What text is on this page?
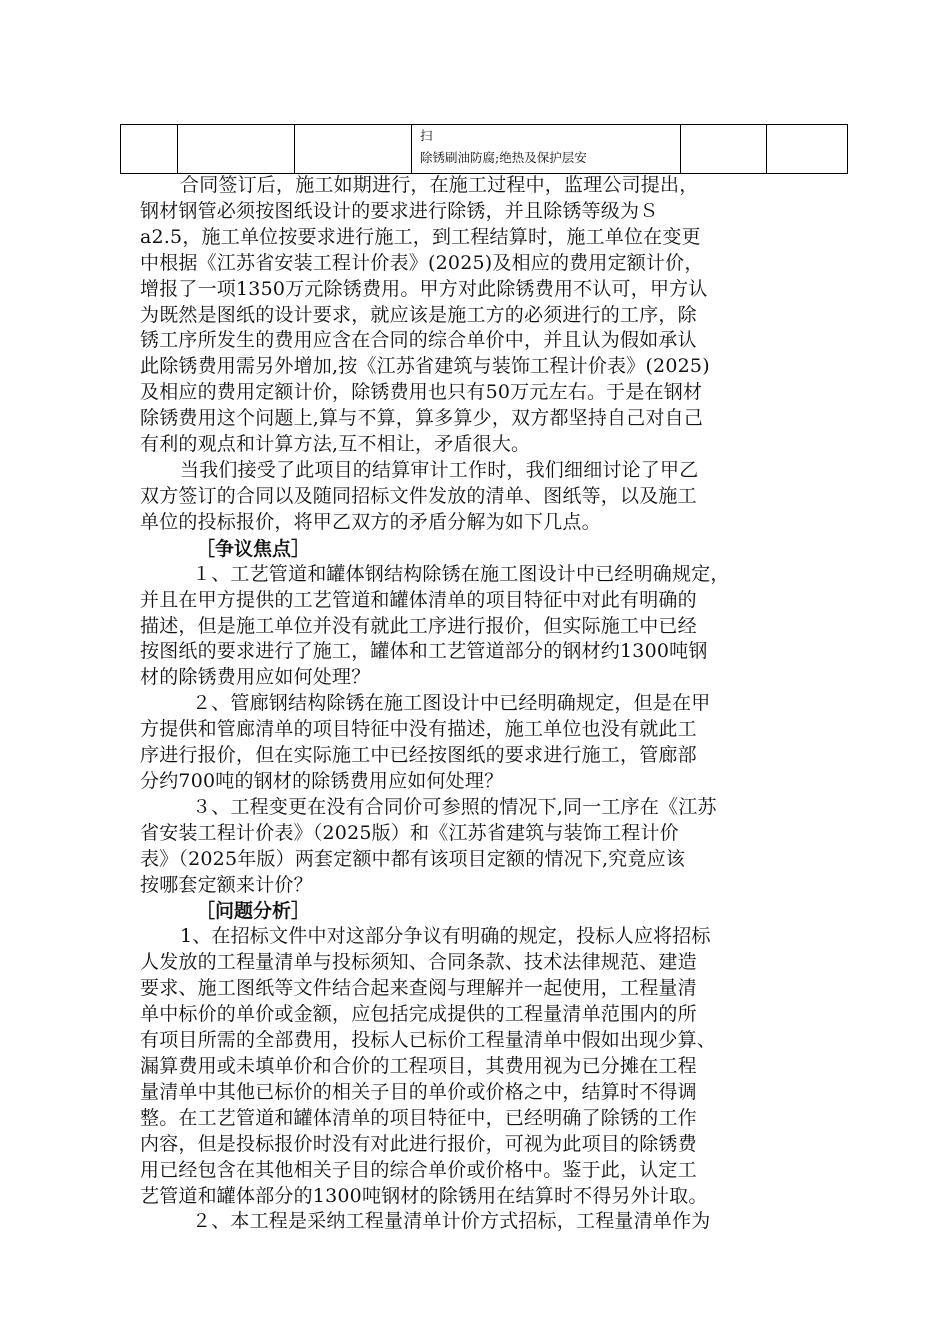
扫
除锈刷油防腐;绝热及保护层安

合同签订后，施工如期进行，在施工过程中，监理公司提出，
钢材钢管必须按图纸设计的要求进行除锈，并且除锈等级为Ｓ
a2.5，施工单位按要求进行施工，到工程结算时，施工单位在变更
中根据《江苏省安装工程计价表》(2025)及相应的费用定额计价，
增报了一项1350万元除锈费用。甲方对此除锈费用不认可，甲方认
为既然是图纸的设计要求，就应该是施工方的必须进行的工序，除
锈工序所发生的费用应含在合同的综合单价中，并且认为假如承认
此除锈费用需另外增加,按《江苏省建筑与装饰工程计价表》(2025)
及相应的费用定额计价，除锈费用也只有50万元左右。于是在钢材
除锈费用这个问题上,算与不算，算多算少，双方都坚持自己对自己
有利的观点和计算方法,互不相让，矛盾很大。

当我们接受了此项目的结算审计工作时，我们细细讨论了甲乙
双方签订的合同以及随同招标文件发放的清单、图纸等，以及施工
单位的投标报价，将甲乙双方的矛盾分解为如下几点。

［争议焦点］

１、工艺管道和罐体钢结构除锈在施工图设计中已经明确规定，
并且在甲方提供的工艺管道和罐体清单的项目特征中对此有明确的
描述，但是施工单位并没有就此工序进行报价，但实际施工中已经
按图纸的要求进行了施工，罐体和工艺管道部分的钢材约1300吨钢
材的除锈费用应如何处理？

２、管廊钢结构除锈在施工图设计中已经明确规定，但是在甲
方提供和管廊清单的项目特征中没有描述，施工单位也没有就此工
序进行报价，但在实际施工中已经按图纸的要求进行施工，管廊部
分约700吨的钢材的除锈费用应如何处理？

３、工程变更在没有合同价可参照的情况下,同一工序在《江苏
省安装工程计价表》（2025版）和《江苏省建筑与装饰工程计价
表》（2025年版）两套定额中都有该项目定额的情况下,究竟应该
按哪套定额来计价？

［问题分析］

1、在招标文件中对这部分争议有明确的规定，投标人应将招标
人发放的工程量清单与投标须知、合同条款、技术法律规范、建造
要求、施工图纸等文件结合起来查阅与理解并一起使用，工程量清
单中标价的单价或金额，应包括完成提供的工程量清单范围内的所
有项目所需的全部费用，投标人已标价工程量清单中假如出现少算、
漏算费用或未填单价和合价的工程项目，其费用视为已分摊在工程
量清单中其他已标价的相关子目的单价或价格之中，结算时不得调
整。在工艺管道和罐体清单的项目特征中，已经明确了除锈的工作
内容，但是投标报价时没有对此进行报价，可视为此项目的除锈费
用已经包含在其他相关子目的综合单价或价格中。鉴于此，认定工
艺管道和罐体部分的1300吨钢材的除锈用在结算时不得另外计取。

２、本工程是采纳工程量清单计价方式招标，工程量清单作为
